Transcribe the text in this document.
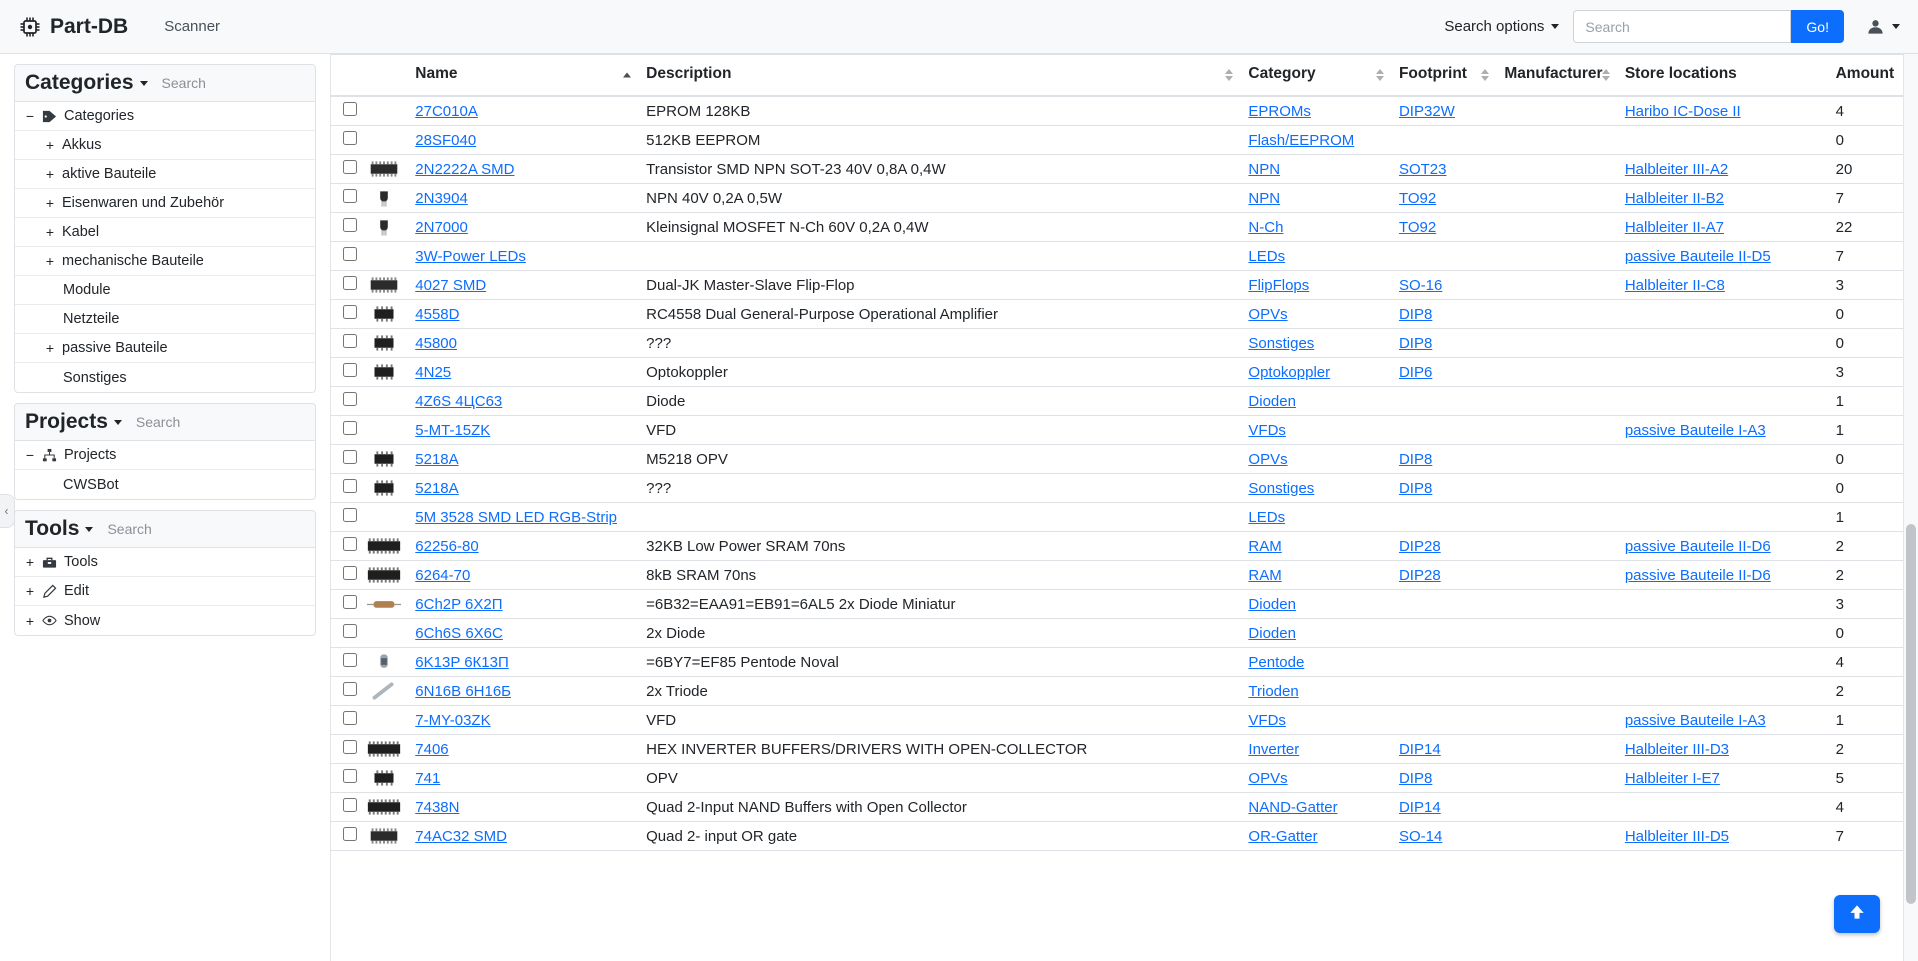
Part-DB	Scanner	Search options
Search	Go!
Categories
Search
− Categories
+ Akkus
+ aktive Bauteile
+ Eisenwaren und Zubehör
+ Kabel
+ mechanische Bauteile
Module
Netzteile
+ passive Bauteile
Sonstiges
Projects
Search
− Projects
CWSBot
Tools
Search
+ Tools
+ Edit
+ Show
‹
		Name	Description	Category	Footprint	Manufacturer	Store locations	Amount

		27C010A	EPROM 128KB	EPROMs	DIP32W		Haribo IC-Dose II	4
		28SF040	512KB EEPROM	Flash/EEPROM				0

	2N2222A SMD	Transistor SMD NPN SOT-23 40V 0,8A 0,4W	NPN	SOT23		Halbleiter III-A2	20

	2N3904	NPN 40V 0,2A 0,5W	NPN	TO92		Halbleiter II-B2	7

	2N7000	Kleinsignal MOSFET N-Ch 60V 0,2A 0,4W	N-Ch	TO92		Halbleiter II-A7	22
		3W-Power LEDs		LEDs			passive Bauteile II-D5	7

	4027 SMD	Dual-JK Master-Slave Flip-Flop	FlipFlops	SO-16		Halbleiter II-C8	3

	4558D	RC4558 Dual General-Purpose Operational Amplifier	OPVs	DIP8			0

	45800	???	Sonstiges	DIP8			0

	4N25	Optokoppler	Optokoppler	DIP6			3
		4Z6S 4ЦС63	Diode	Dioden				1
		5-MT-15ZK	VFD	VFDs			passive Bauteile I-A3	1

	5218A	M5218 OPV	OPVs	DIP8			0

	5218A	???	Sonstiges	DIP8			0
		5M 3528 SMD LED RGB-Strip		LEDs				1

	62256-80	32KB Low Power SRAM 70ns	RAM	DIP28		passive Bauteile II-D6	2

	6264-70	8kB SRAM 70ns	RAM	DIP28		passive Bauteile II-D6	2

	6Ch2P 6Х2П	=6B32=EAA91=EB91=6AL5 2x Diode Miniatur	Dioden				3
		6Ch6S 6Х6С	2x Diode	Dioden				0

	6K13P 6К13П	=6BY7=EF85 Pentode Noval	Pentode				4

	6N16B 6Н16Б	2x Triode	Trioden				2
		7-MY-03ZK	VFD	VFDs			passive Bauteile I-A3	1

	7406	HEX INVERTER BUFFERS/DRIVERS WITH OPEN-COLLECTOR	Inverter	DIP14		Halbleiter III-D3	2

	741	OPV	OPVs	DIP8		Halbleiter I-E7	5

	7438N	Quad 2-Input NAND Buffers with Open Collector	NAND-Gatter	DIP14			4

	74AC32 SMD	Quad 2- input OR gate	OR-Gatter	SO-14		Halbleiter III-D5	7
